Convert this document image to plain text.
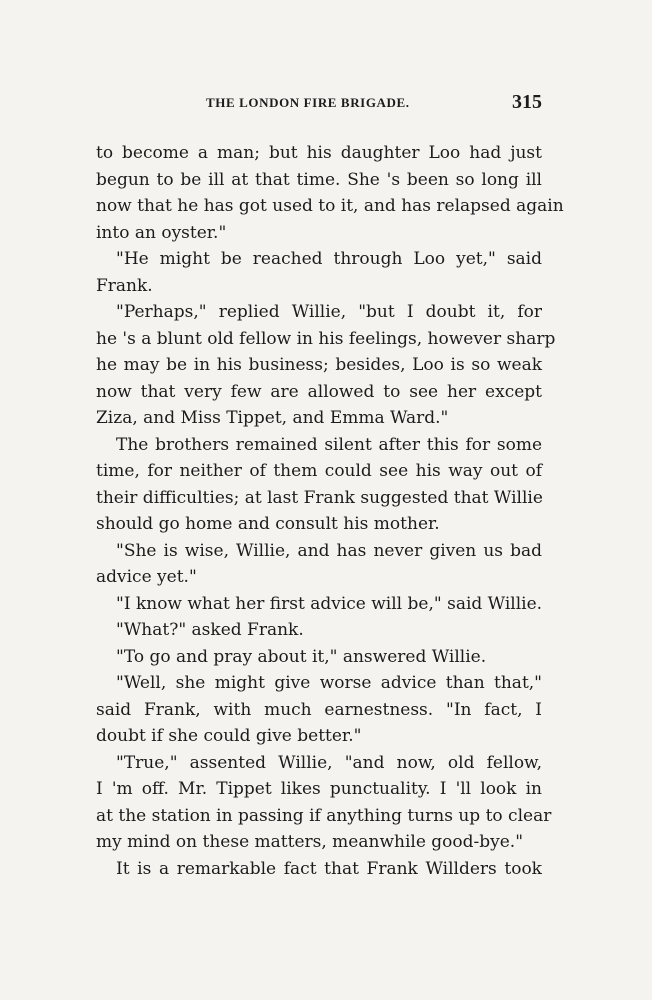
THE LONDON FIRE BRIGADE.	315
to become a man; but his daughter Loo had just
begun to be ill at that time. She 's been so long ill
now that he has got used to it, and has relapsed again
into an oyster."
"He might be reached through Loo yet," said
Frank.
"Perhaps," replied Willie, "but I doubt it, for
he 's a blunt old fellow in his feelings, however sharp
he may be in his business; besides, Loo is so weak
now that very few are allowed to see her except
Ziza, and Miss Tippet, and Emma Ward."
The brothers remained silent after this for some
time, for neither of them could see his way out of
their difficulties; at last Frank suggested that Willie
should go home and consult his mother.
"She is wise, Willie, and has never given us bad
advice yet."
"I know what her first advice will be," said Willie.
"What?" asked Frank.
"To go and pray about it," answered Willie.
"Well, she might give worse advice than that,"
said Frank, with much earnestness. "In fact, I
doubt if she could give better."
"True," assented Willie, "and now, old fellow,
I 'm off. Mr. Tippet likes punctuality. I 'll look in
at the station in passing if anything turns up to clear
my mind on these matters, meanwhile good-bye."
It is a remarkable fact that Frank Willders took
